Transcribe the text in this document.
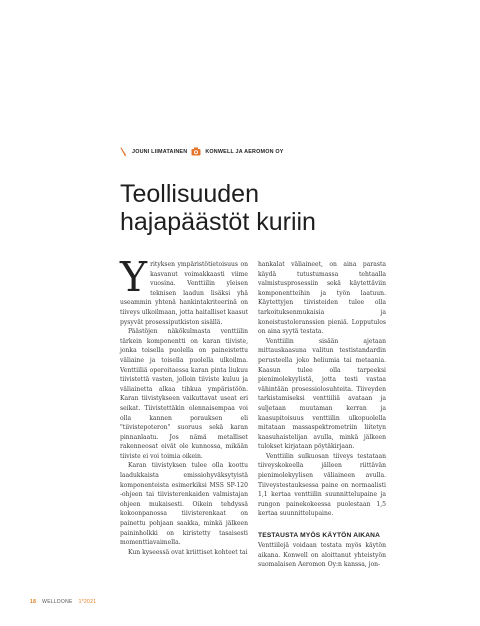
JOUNI LIIMATAINEN	KONWELL JA AEROMON OY
Teollisuuden
hajapäästöt kuriin

Yrityksen ympäristötietoisuus on kasvanut voimakkaasti viime vuosina. Venttiilin yleisen teknisen laadun lisäksi yhä useammin yhtenä hankintakriteerinä on tiiveys ulkoilmaan, jotta haitalliset kaasut pysyvät prosessiputkiston sisällä.

Päästöjen näkökulmasta venttiilin tärkein komponentti on karan tiiviste, jonka toisella puolella on paineistettu väliaine ja toisella puolella ulkoilma. Venttiiliä operoitaessa karan pinta liukuu tiivistettä vasten, jolloin tiiviste kuluu ja väliainetta alkaa tihkua ympäristöön. Karan tiivistykseen vaikuttavat useat eri seikat. Tiivistettäkin olennaisempaa voi olla kannen porauksen eli "tiivistepoteron" suoruus sekä karan pinnanlaatu. Jos nämä metalliset rakenneosat eivät ole kunnossa, mikään tiiviste ei voi toimia oikein.

Karan tiivistyksen tulee olla koottu laadukkaista emissiohyväksytyistä komponenteista esimerkiksi MSS SP-120 -ohjeen tai tiivisterenkaiden valmistajan ohjeen mukaisesti. Oikein tehdyssä kokoonpanossa tiivisterenkaat on painettu pohjaan saakka, minkä jälkeen paininholkki on kiristetty tasaisesti momenttiavaimella.

Kun kyseessä ovat kriittiset kohteet tai

hankalat väliaineet, on aina parasta käydä tutustumassa tehtaalla valmistusprosessiin sekä käytettäviin komponentteihin ja työn laatuun. Käytettyjen tiivisteiden tulee olla tarkoituksenmukaisia ja koneistustoleranssien pieniä. Lopputulos on aina syytä testata.

Venttiilin sisään ajetaan mittauskaasuna valitun testistandardin perusteella joko heliumia tai metaania. Kaasun tulee olla tarpeeksi pienimolekyylistä, jotta testi vastaa vähintään prosessiolosuhteita. Tiiveyden tarkistamiseksi venttiiliä avataan ja suljetaan muutaman kerran ja kaasupitoisuus venttiilin ulkopuolella mitataan massaspektrometriin liitetyn kaasuhaistelijan avulla, minkä jälkeen tulokset kirjataan pöytäkirjaan.

Venttiilin sulkuosan tiiveys testataan tiiveyskokeella jälleen riittävän pienimolekyylisen väliaineen avulla. Tiiveystestauksessa paine on normaalisti 1,1 kertaa venttiilin suunnittelupaine ja rungon painekokeessa puolestaan 1,5 kertaa suunnittelupaine.

TESTAUSTA MYÖS KÄYTÖN AIKANA

Venttiilejä voidaan testata myös käytön aikana. Konwell on aloittanut yhteistyön suomalaisen Aeromon Oy:n kanssa, jon-

18 WELLDONE 1*2021
